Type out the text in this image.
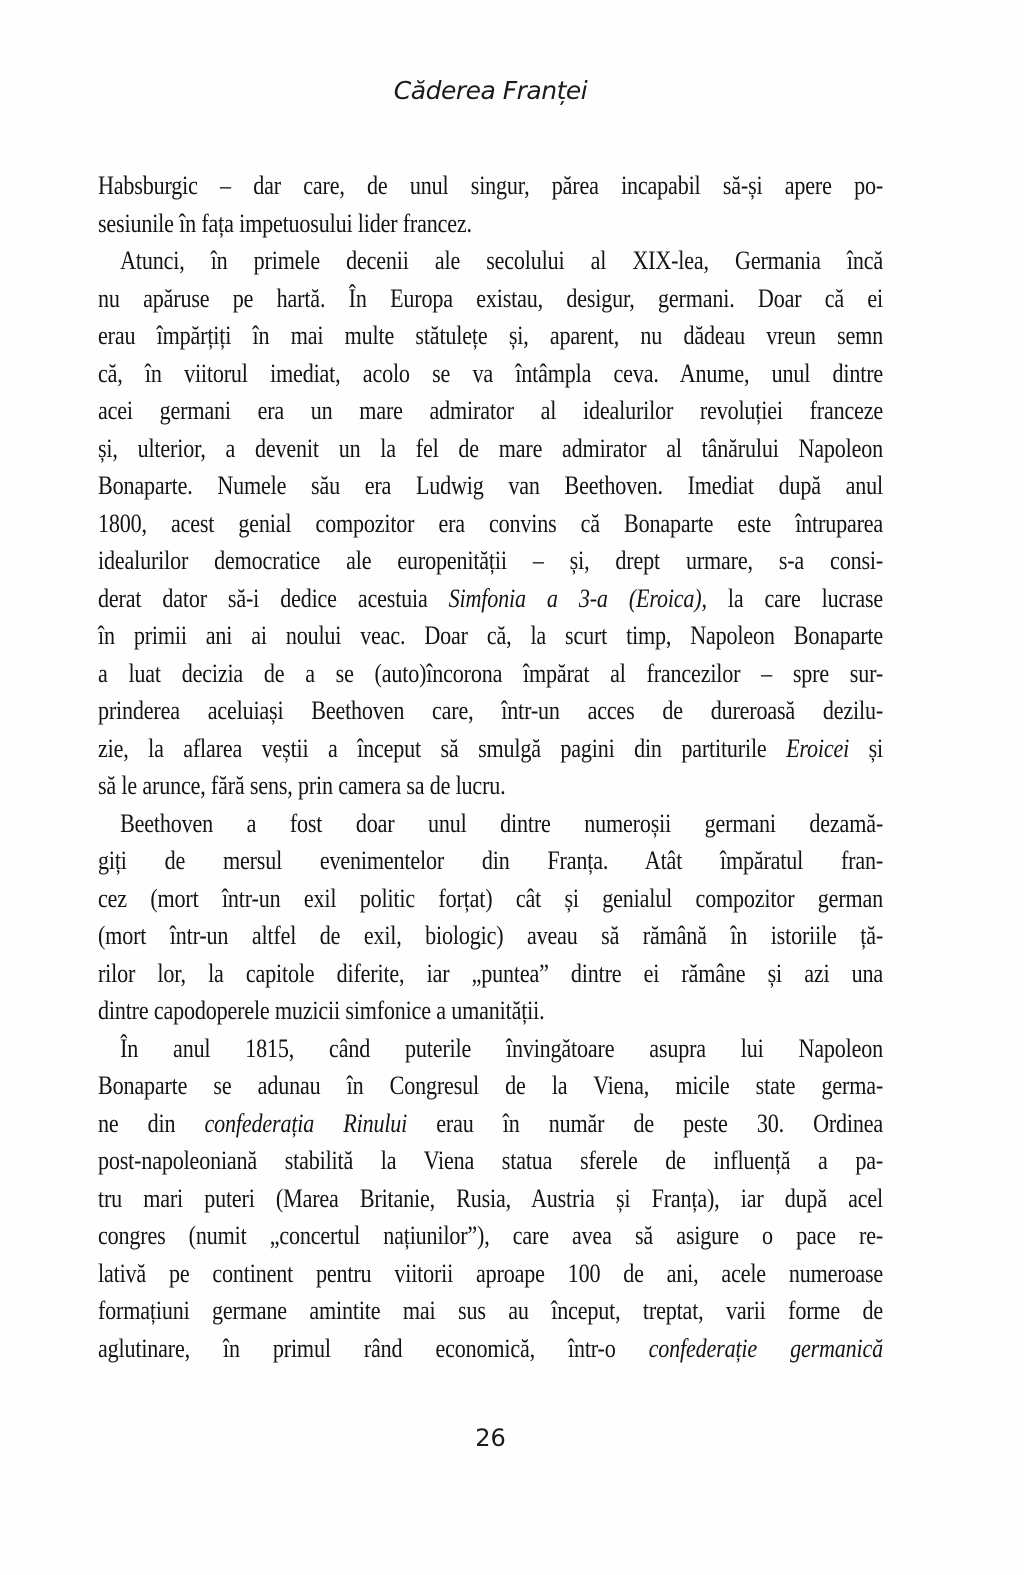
Căderea Franței
Habsburgic – dar care, de unul singur, părea incapabil să-și apere po-
sesiunile în fața impetuosului lider francez.
Atunci, în primele decenii ale secolului al XIX-lea, Germania încă
nu apăruse pe hartă. În Europa existau, desigur, germani. Doar că ei
erau împărțiți în mai multe stătulețe și, aparent, nu dădeau vreun semn
că, în viitorul imediat, acolo se va întâmpla ceva. Anume, unul dintre
acei germani era un mare admirator al idealurilor revoluției franceze
și, ulterior, a devenit un la fel de mare admirator al tânărului Napoleon
Bonaparte. Numele său era Ludwig van Beethoven. Imediat după anul
1800, acest genial compozitor era convins că Bonaparte este întruparea
idealurilor democratice ale europenității – și, drept urmare, s-a consi-
derat dator să-i dedice acestuia Simfonia a 3-a (Eroica), la care lucrase
în primii ani ai noului veac. Doar că, la scurt timp, Napoleon Bonaparte
a luat decizia de a se (auto)încorona împărat al francezilor – spre sur-
prinderea aceluiași Beethoven care, într-un acces de dureroasă dezilu-
zie, la aflarea veștii a început să smulgă pagini din partiturile Eroicei și
să le arunce, fără sens, prin camera sa de lucru.
Beethoven a fost doar unul dintre numeroșii germani dezamă-
giți de mersul evenimentelor din Franța. Atât împăratul fran-
cez (mort într-un exil politic forțat) cât și genialul compozitor german
(mort într-un altfel de exil, biologic) aveau să rămână în istoriile ță-
rilor lor, la capitole diferite, iar „puntea” dintre ei rămâne și azi una
dintre capodoperele muzicii simfonice a umanității.
În anul 1815, când puterile învingătoare asupra lui Napoleon
Bonaparte se adunau în Congresul de la Viena, micile state germa-
ne din confederația Rinului erau în număr de peste 30. Ordinea
post-napoleoniană stabilită la Viena statua sferele de influență a pa-
tru mari puteri (Marea Britanie, Rusia, Austria și Franța), iar după acel
congres (numit „concertul națiunilor”), care avea să asigure o pace re-
lativă pe continent pentru viitorii aproape 100 de ani, acele numeroase
formațiuni germane amintite mai sus au început, treptat, varii forme de
aglutinare, în primul rând economică, într-o confederație germanică
26
